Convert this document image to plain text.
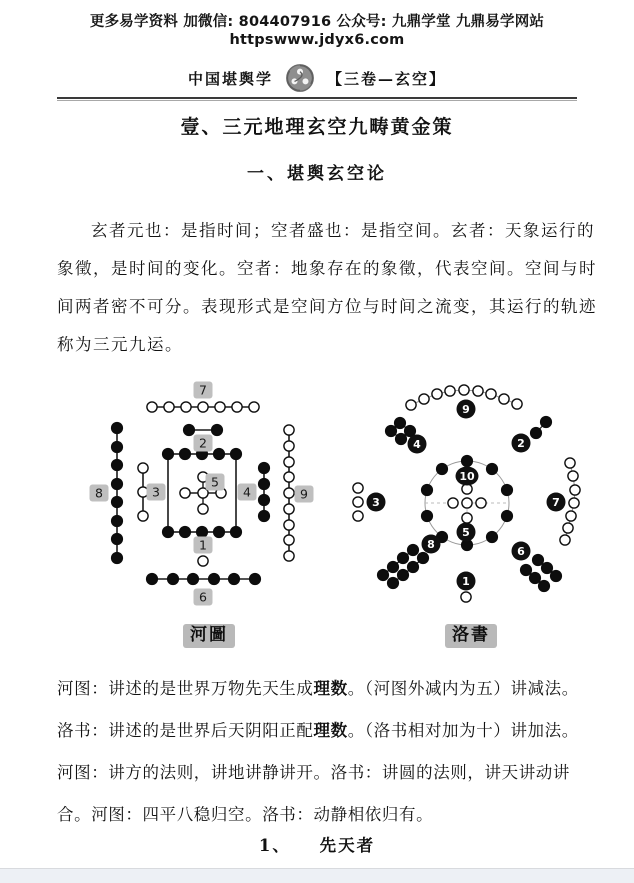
更多易学资料 加微信: 804407916 公众号: 九鼎学堂 九鼎易学网站 httpswww.jdyx6.com
中国堪舆学	【三卷—玄空】
壹、三元地理玄空九畴黄金策
一、堪舆玄空论
玄者元也：是指时间；空者盛也：是指空间。玄者：天象运行的
象徵，是时间的变化。空者：地象存在的象徵，代表空间。空间与时
间两者密不可分。表现形式是空间方位与时间之流变，其运行的轨迹
称为三元九运。
7
2
8	3
5
4	9
1
6
9
4	2
3	7
10
5
8
6
1
河圖	洛書
河图：讲述的是世界万物先天生成理数。（河图外减内为五）讲减法。
洛书：讲述的是世界后天阴阳正配理数。（洛书相对加为十）讲加法。
河图：讲方的法则，讲地讲静讲开。洛书：讲圆的法则，讲天讲动讲
合。河图：四平八稳归空。洛书：动静相依归有。
1、　　先天者
